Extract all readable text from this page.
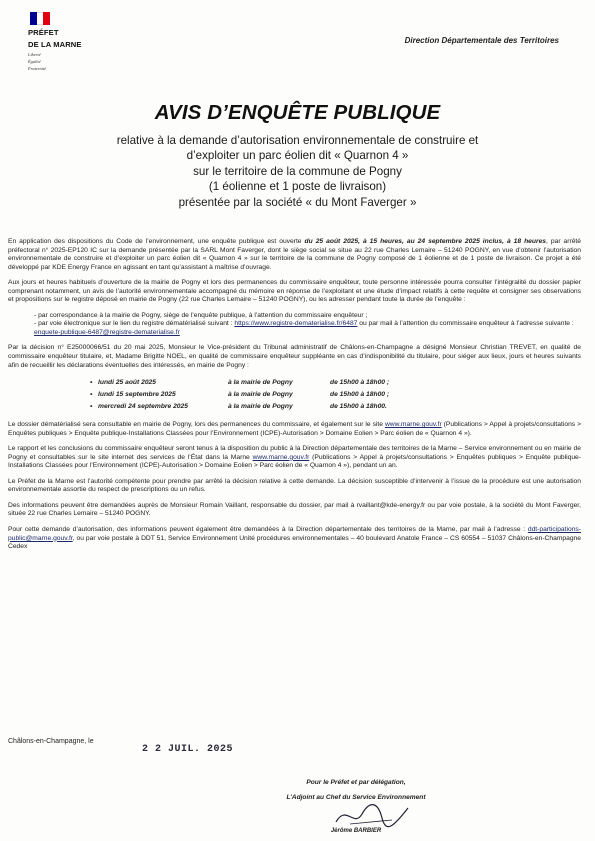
PRÉFET
DE LA MARNE
Liberté
Égalité
Fraternité
Direction Départementale des Territoires
AVIS D’ENQUÊTE PUBLIQUE
relative à la demande d’autorisation environnementale de construire et
d’exploiter un parc éolien dit « Quarnon 4 »
sur le territoire de la commune de Pogny
(1 éolienne et 1 poste de livraison)
présentée par la société « du Mont Faverger »

En application des dispositions du Code de l’environnement, une enquête publique est ouverte du 25 août 2025, à 15 heures, au 24 septembre 2025 inclus, à 18 heures, par arrêté préfectoral n° 2025-EP120 IC sur la demande présentée par la SARL Mont Faverger, dont le siège social se situe au 22 rue Charles Lemaire – 51240 POGNY, en vue d’obtenir l’autorisation environnementale de construire et d’exploiter un parc éolien dit « Quarnon 4 » sur le territoire de la commune de Pogny composé de 1 éolienne et de 1 poste de livraison. Ce projet a été développé par KDE Energy France en agissant en tant qu’assistant à maîtrise d’ouvrage.

Aux jours et heures habituels d’ouverture de la mairie de Pogny et lors des permanences du commissaire enquêteur, toute personne intéressée pourra consulter l’intégralité du dossier papier comprenant notamment, un avis de l’autorité environnementale accompagné du mémoire en réponse de l’exploitant et une étude d’impact relatifs à cette requête et consigner ses observations et propositions sur le registre déposé en mairie de Pogny (22 rue Charles Lemaire – 51240 POGNY), ou les adresser pendant toute la durée de l’enquête :

- par correspondance à la mairie de Pogny, siège de l’enquête publique, à l’attention du commissaire enquêteur ;
- par voie électronique sur le lien du registre dématérialisé suivant : https://www.registre-dematerialise.fr/6487 ou par mail à l’attention du commissaire enquêteur à l’adresse suivante : enquete-publique-6487@registre-dematerialise.fr

Par la décision n° E25000066/51 du 20 mai 2025, Monsieur le Vice-président du Tribunal administratif de Châlons-en-Champagne a désigné Monsieur Christian TREVET, en qualité de commissaire enquêteur titulaire, et, Madame Brigitte NOEL, en qualité de commissaire enquêteur suppléante en cas d’indisponibilité du titulaire, pour siéger aux lieux, jours et heures suivants afin de recueillir les déclarations éventuelles des intéressés, en mairie de Pogny :

• lundi 25 août 2025	à la mairie de Pogny	de 15h00 à 18h00 ;
• lundi 15 septembre 2025	à la mairie de Pogny	de 15h00 à 18h00 ;
• mercredi 24 septembre 2025	à la mairie de Pogny	de 15h00 à 18h00.

Le dossier dématérialisé sera consultable en mairie de Pogny, lors des permanences du commissaire, et également sur le site www.marne.gouv.fr (Publications > Appel à projets/consultations > Enquêtes publiques > Enquête publique-Installations Classées pour l’Environnement (ICPE)-Autorisation > Domaine Eolien > Parc éolien de « Quarnon 4 »).

Le rapport et les conclusions du commissaire enquêteur seront tenus à la disposition du public à la Direction départementale des territoires de la Marne – Service environnement ou en mairie de Pogny et consultables sur le site internet des services de l’État dans la Marne www.marne.gouv.fr (Publications > Appel à projets/consultations > Enquêtes publiques > Enquête publique-Installations Classées pour l’Environnement (ICPE)-Autorisation > Domaine Eolien > Parc éolien de « Quarnon 4 »), pendant un an.

Le Préfet de la Marne est l’autorité compétente pour prendre par arrêté la décision relative à cette demande. La décision susceptible d’intervenir à l’issue de la procédure est une autorisation environnementale assortie du respect de prescriptions ou un refus.

Des informations peuvent être demandées auprès de Monsieur Romain Vaillant, responsable du dossier, par mail à rvaillant@kde-energy.fr ou par voie postale, à la société du Mont Faverger, située 22 rue Charles Lemaire – 51240 POGNY.

Pour cette demande d’autorisation, des informations peuvent également être demandées à la Direction départementale des territoires de la Marne, par mail à l’adresse : ddt-participations-public@marne.gouv.fr, ou par voie postale à DDT 51, Service Environnement Unité procédures environnementales – 40 boulevard Anatole France – CS 60554 – 51037 Châlons-en-Champagne Cedex

Châlons-en-Champagne, le
2 2 JUIL. 2025
Pour le Préfet et par délégation,
L’Adjoint au Chef du Service Environnement
Jérôme BARBIER
